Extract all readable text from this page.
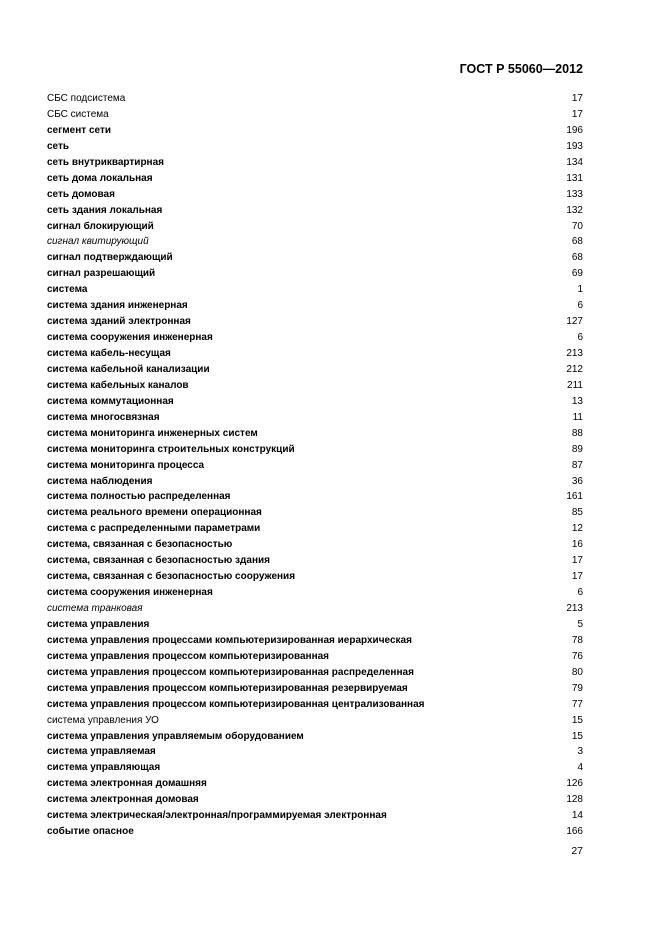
ГОСТ Р 55060—2012
СБС подсистема	17
СБС система	17
сегмент сети	196
сеть	193
сеть внутриквартирная	134
сеть дома локальная	131
сеть домовая	133
сеть здания локальная	132
сигнал блокирующий	70
сигнал квитирующий	68
сигнал подтверждающий	68
сигнал разрешающий	69
система	1
система здания инженерная	6
система зданий электронная	127
система сооружения инженерная	6
система кабель-несущая	213
система кабельной канализации	212
система кабельных каналов	211
система коммутационная	13
система многосвязная	11
система мониторинга инженерных систем	88
система мониторинга строительных конструкций	89
система мониторинга процесса	87
система наблюдения	36
система полностью распределенная	161
система реального времени операционная	85
система с распределенными параметрами	12
система, связанная с безопасностью	16
система, связанная с безопасностью здания	17
система, связанная с безопасностью сооружения	17
система сооружения инженерная	6
система транковая	213
система управления	5
система управления процессами компьютеризированная иерархическая	78
система управления процессом компьютеризированная	76
система управления процессом компьютеризированная распределенная	80
система управления процессом компьютеризированная резервируемая	79
система управления процессом компьютеризированная централизованная	77
система управления УО	15
система управления управляемым оборудованием	15
система управляемая	3
система управляющая	4
система электронная домашняя	126
система электронная домовая	128
система электрическая/электронная/программируемая электронная	14
событие опасное	166
27
